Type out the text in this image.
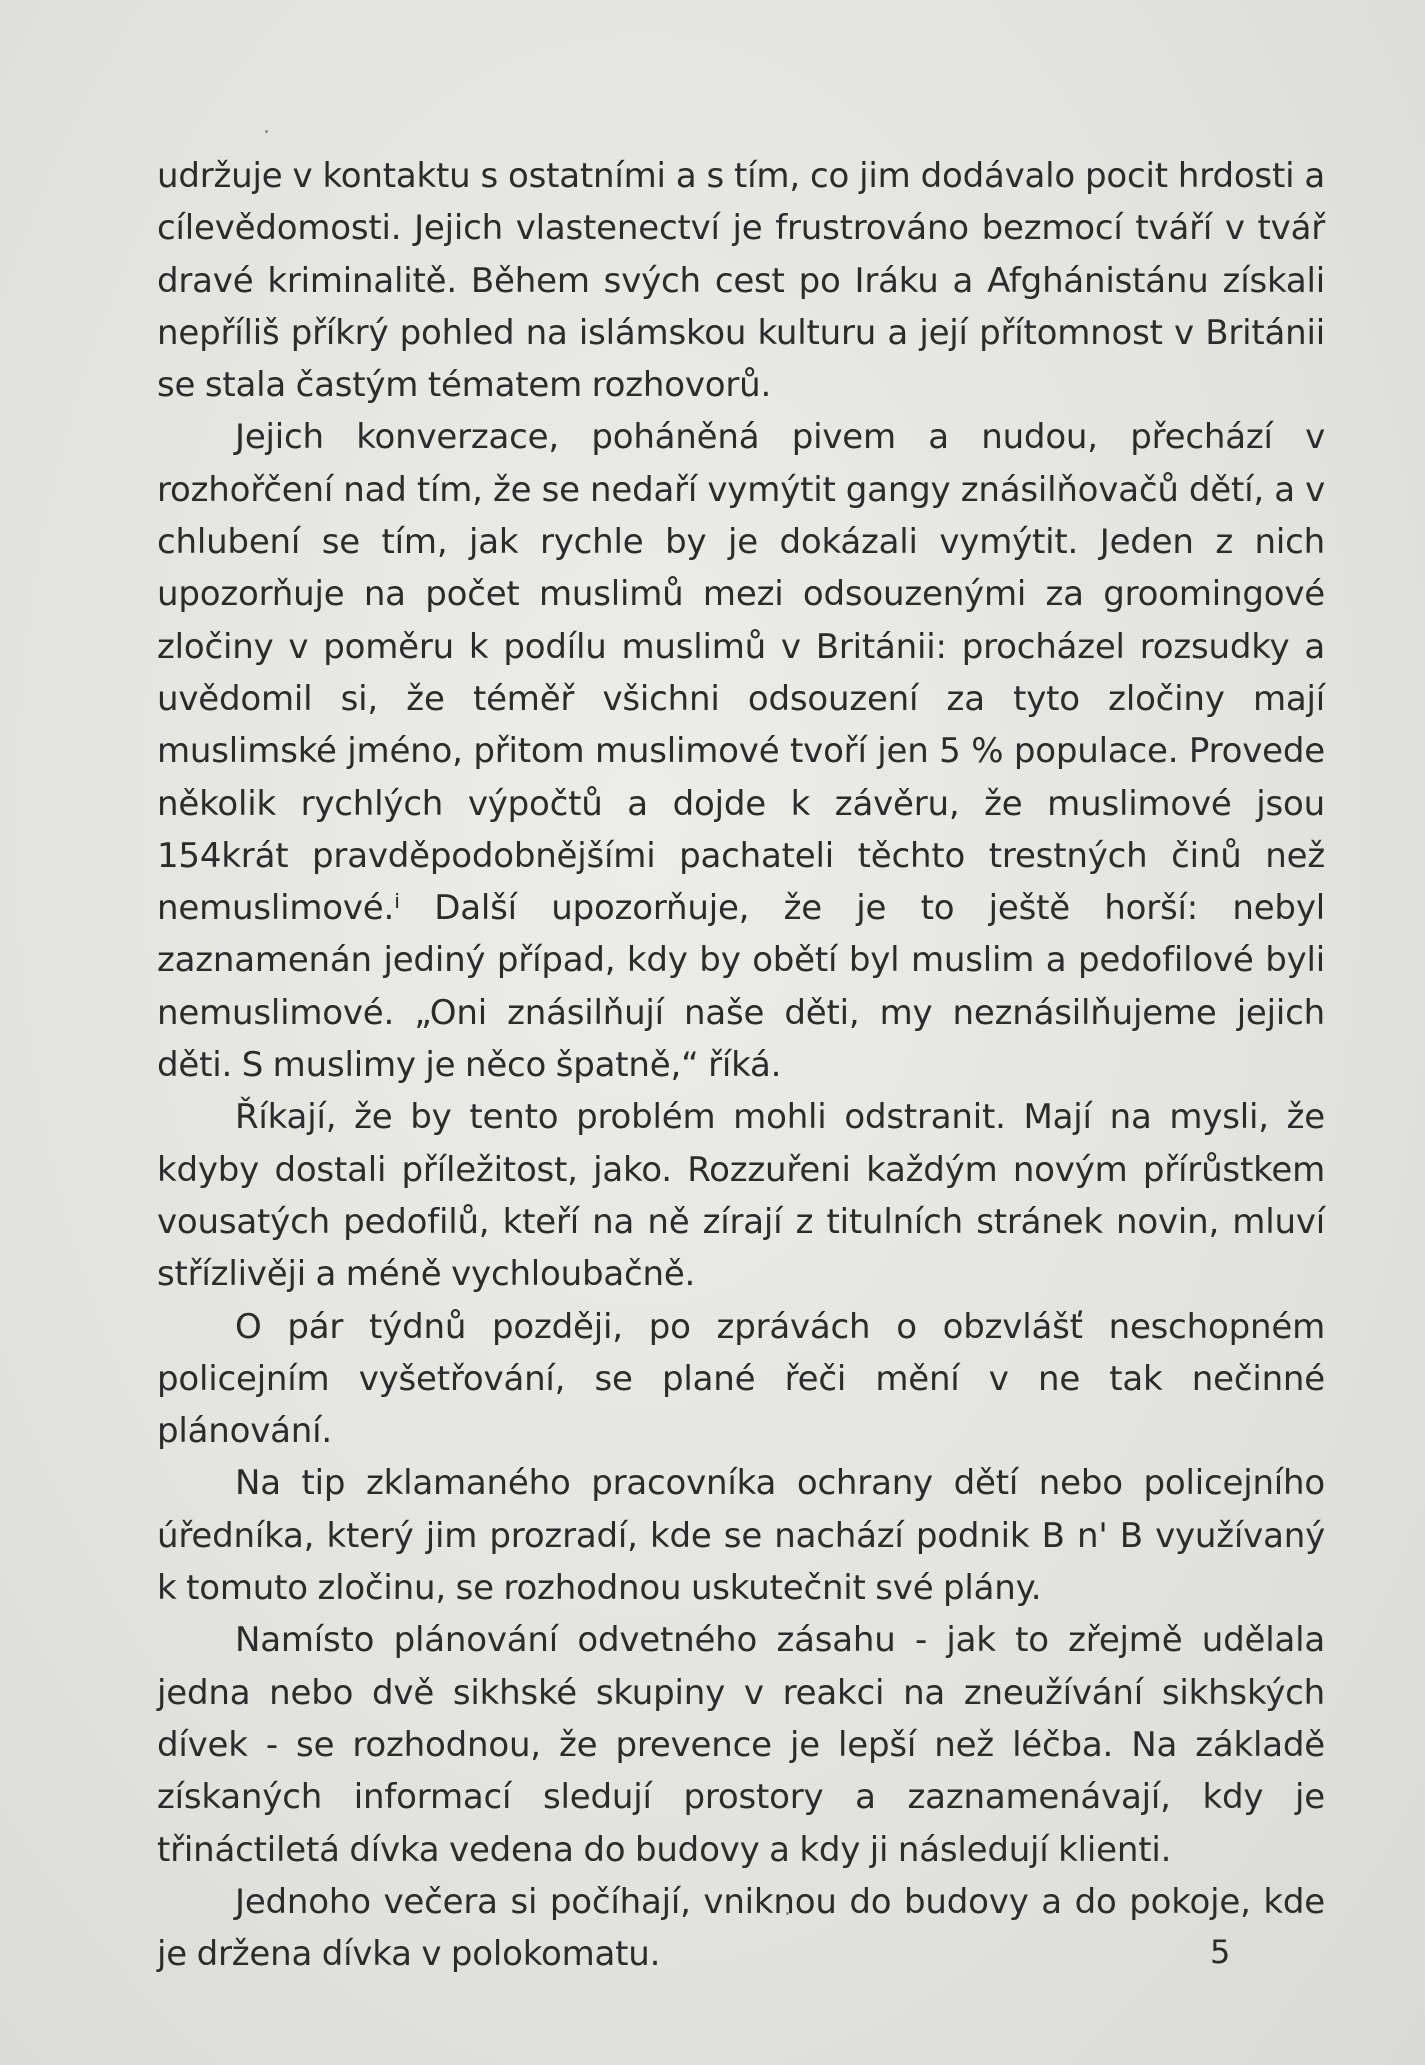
udržuje v kontaktu s ostatními a s tím, co jim dodávalo pocit hrdosti a cílevědomosti. Jejich vlastenectví je frustrováno bezmocí tváří v tvář dravé kriminalitě. Během svých cest po Iráku a Afghánistánu získali nepříliš příkrý pohled na islámskou kulturu a její přítomnost v Británii se stala častým tématem rozhovorů.

Jejich konverzace, poháněná pivem a nudou, přechází v rozhořčení nad tím, že se nedaří vymýtit gangy znásilňovačů dětí, a v chlubení se tím, jak rychle by je dokázali vymýtit. Jeden z nich upozorňuje na počet muslimů mezi odsouzenými za groomingové zločiny v poměru k podílu muslimů v Británii: procházel rozsudky a uvědomil si, že téměř všichni odsouzení za tyto zločiny mají muslimské jméno, přitom muslimové tvoří jen 5 % populace. Provede několik rychlých výpočtů a dojde k závěru, že muslimové jsou 154krát pravděpodobnějšími pachateli těchto trestných činů než nemuslimové.ⁱ Další upozorňuje, že je to ještě horší: nebyl zaznamenán jediný případ, kdy by obětí byl muslim a pedofilové byli nemuslimové. „Oni znásilňují naše děti, my neznásilňujeme jejich děti. S muslimy je něco špatně,“ říká.

Říkají, že by tento problém mohli odstranit. Mají na mysli, že kdyby dostali příležitost, jako. Rozzuřeni každým novým přírůstkem vousatých pedofilů, kteří na ně zírají z titulních stránek novin, mluví střízlivěji a méně vychloubačně.

O pár týdnů později, po zprávách o obzvlášť neschopném policejním vyšetřování, se plané řeči mění v ne tak nečinné plánování.

Na tip zklamaného pracovníka ochrany dětí nebo policejního úředníka, který jim prozradí, kde se nachází podnik B n' B využívaný k tomuto zločinu, se rozhodnou uskutečnit své plány.

Namísto plánování odvetného zásahu - jak to zřejmě udělala jedna nebo dvě sikhské skupiny v reakci na zneužívání sikhských dívek - se rozhodnou, že prevence je lepší než léčba. Na základě získaných informací sledují prostory a zaznamenávají, kdy je třináctiletá dívka vedena do budovy a kdy ji následují klienti.

Jednoho večera si počíhají, vniknou do budovy a do pokoje, kde je držena dívka v polokomatu.	5
